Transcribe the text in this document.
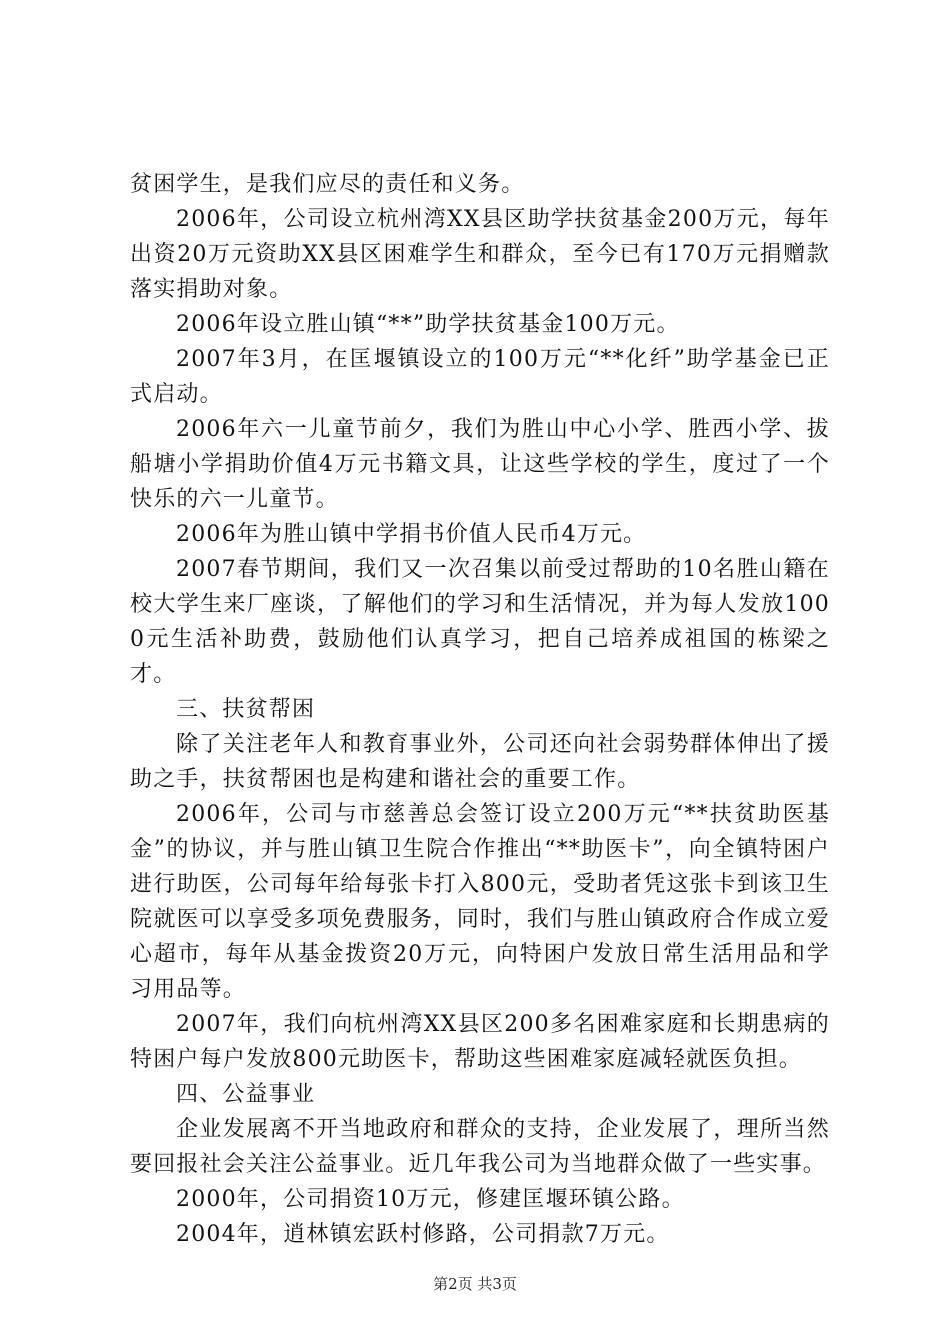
贫困学生，是我们应尽的责任和义务。

2006年，公司设立杭州湾XX县区助学扶贫基金200万元，每年出资20万元资助XX县区困难学生和群众，至今已有170万元捐赠款落实捐助对象。

2006年设立胜山镇“**”助学扶贫基金100万元。

2007年3月，在匡堰镇设立的100万元“**化纤”助学基金已正式启动。

2006年六一儿童节前夕，我们为胜山中心小学、胜西小学、拔船塘小学捐助价值4万元书籍文具，让这些学校的学生，度过了一个快乐的六一儿童节。

2006年为胜山镇中学捐书价值人民币4万元。

2007春节期间，我们又一次召集以前受过帮助的10名胜山籍在校大学生来厂座谈，了解他们的学习和生活情况，并为每人发放1000元生活补助费，鼓励他们认真学习，把自己培养成祖国的栋梁之才。

三、扶贫帮困

除了关注老年人和教育事业外，公司还向社会弱势群体伸出了援助之手，扶贫帮困也是构建和谐社会的重要工作。

2006年，公司与市慈善总会签订设立200万元“**扶贫助医基金”的协议，并与胜山镇卫生院合作推出“**助医卡”，向全镇特困户进行助医，公司每年给每张卡打入800元，受助者凭这张卡到该卫生院就医可以享受多项免费服务，同时，我们与胜山镇政府合作成立爱心超市，每年从基金拨资20万元，向特困户发放日常生活用品和学习用品等。

2007年，我们向杭州湾XX县区200多名困难家庭和长期患病的特困户每户发放800元助医卡，帮助这些困难家庭减轻就医负担。

四、公益事业

企业发展离不开当地政府和群众的支持，企业发展了，理所当然要回报社会关注公益事业。近几年我公司为当地群众做了一些实事。

2000年，公司捐资10万元，修建匡堰环镇公路。

2004年，逍林镇宏跃村修路，公司捐款7万元。

第2页 共3页
